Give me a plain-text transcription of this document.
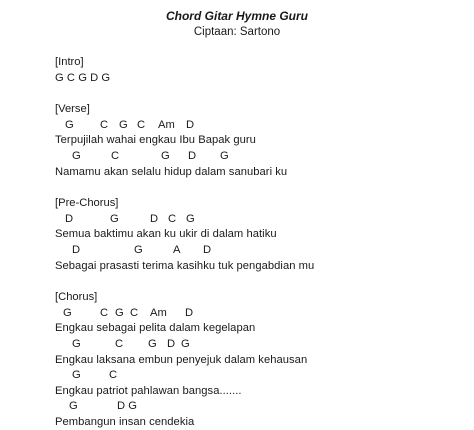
Chord Gitar Hymne Guru
Ciptaan: Sartono
[Intro]
G C G D G
[Verse]
G C G C Am D
Terpujilah wahai engkau Ibu Bapak guru
G	C	G D G
Namamu akan selalu hidup dalam sanubari ku
[Pre-Chorus]
D	G	D C G
Semua baktimu akan ku ukir di dalam hatiku
D	G	A D
Sebagai prasasti terima kasihku tuk pengabdian mu
[Chorus]
G	C G C Am D
Engkau sebagai pelita dalam kegelapan
G	C G D G
Engkau laksana embun penyejuk dalam kehausan
G	C
Engkau patriot pahlawan bangsa.......
G	D G
Pembangun insan cendekia
